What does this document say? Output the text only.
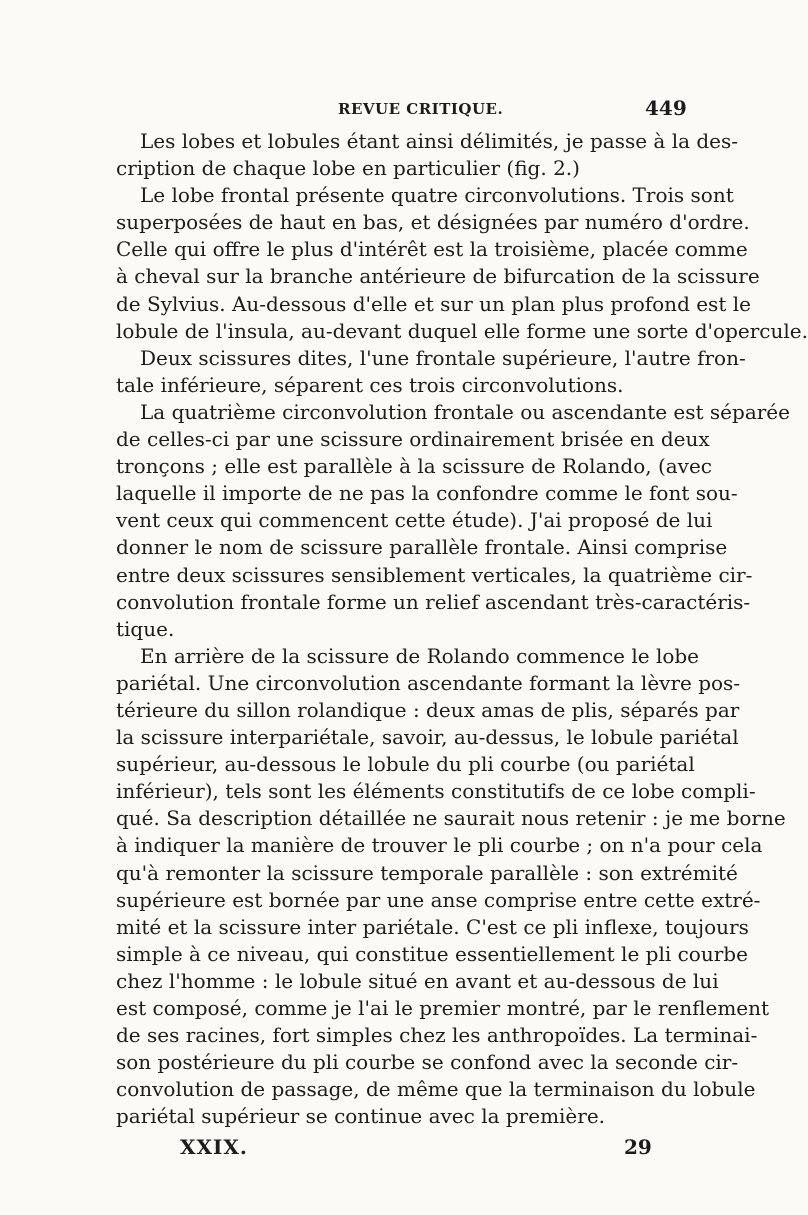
REVUE CRITIQUE.	449
Les lobes et lobules étant ainsi délimités, je passe à la des-
cription de chaque lobe en particulier (fig. 2.)
Le lobe frontal présente quatre circonvolutions. Trois sont
superposées de haut en bas, et désignées par numéro d'ordre.
Celle qui offre le plus d'intérêt est la troisième, placée comme
à cheval sur la branche antérieure de bifurcation de la scissure
de Sylvius. Au-dessous d'elle et sur un plan plus profond est le
lobule de l'insula, au-devant duquel elle forme une sorte d'opercule.
Deux scissures dites, l'une frontale supérieure, l'autre fron-
tale inférieure, séparent ces trois circonvolutions.
La quatrième circonvolution frontale ou ascendante est séparée
de celles-ci par une scissure ordinairement brisée en deux
tronçons ; elle est parallèle à la scissure de Rolando, (avec
laquelle il importe de ne pas la confondre comme le font sou-
vent ceux qui commencent cette étude). J'ai proposé de lui
donner le nom de scissure parallèle frontale. Ainsi comprise
entre deux scissures sensiblement verticales, la quatrième cir-
convolution frontale forme un relief ascendant très-caractéris-
tique.
En arrière de la scissure de Rolando commence le lobe
pariétal. Une circonvolution ascendante formant la lèvre pos-
térieure du sillon rolandique : deux amas de plis, séparés par
la scissure interpariétale, savoir, au-dessus, le lobule pariétal
supérieur, au-dessous le lobule du pli courbe (ou pariétal
inférieur), tels sont les éléments constitutifs de ce lobe compli-
qué. Sa description détaillée ne saurait nous retenir : je me borne
à indiquer la manière de trouver le pli courbe ; on n'a pour cela
qu'à remonter la scissure temporale parallèle : son extrémité
supérieure est bornée par une anse comprise entre cette extré-
mité et la scissure inter pariétale. C'est ce pli inflexe, toujours
simple à ce niveau, qui constitue essentiellement le pli courbe
chez l'homme : le lobule situé en avant et au-dessous de lui
est composé, comme je l'ai le premier montré, par le renflement
de ses racines, fort simples chez les anthropoïdes. La terminai-
son postérieure du pli courbe se confond avec la seconde cir-
convolution de passage, de même que la terminaison du lobule
pariétal supérieur se continue avec la première.
XXIX.	29
